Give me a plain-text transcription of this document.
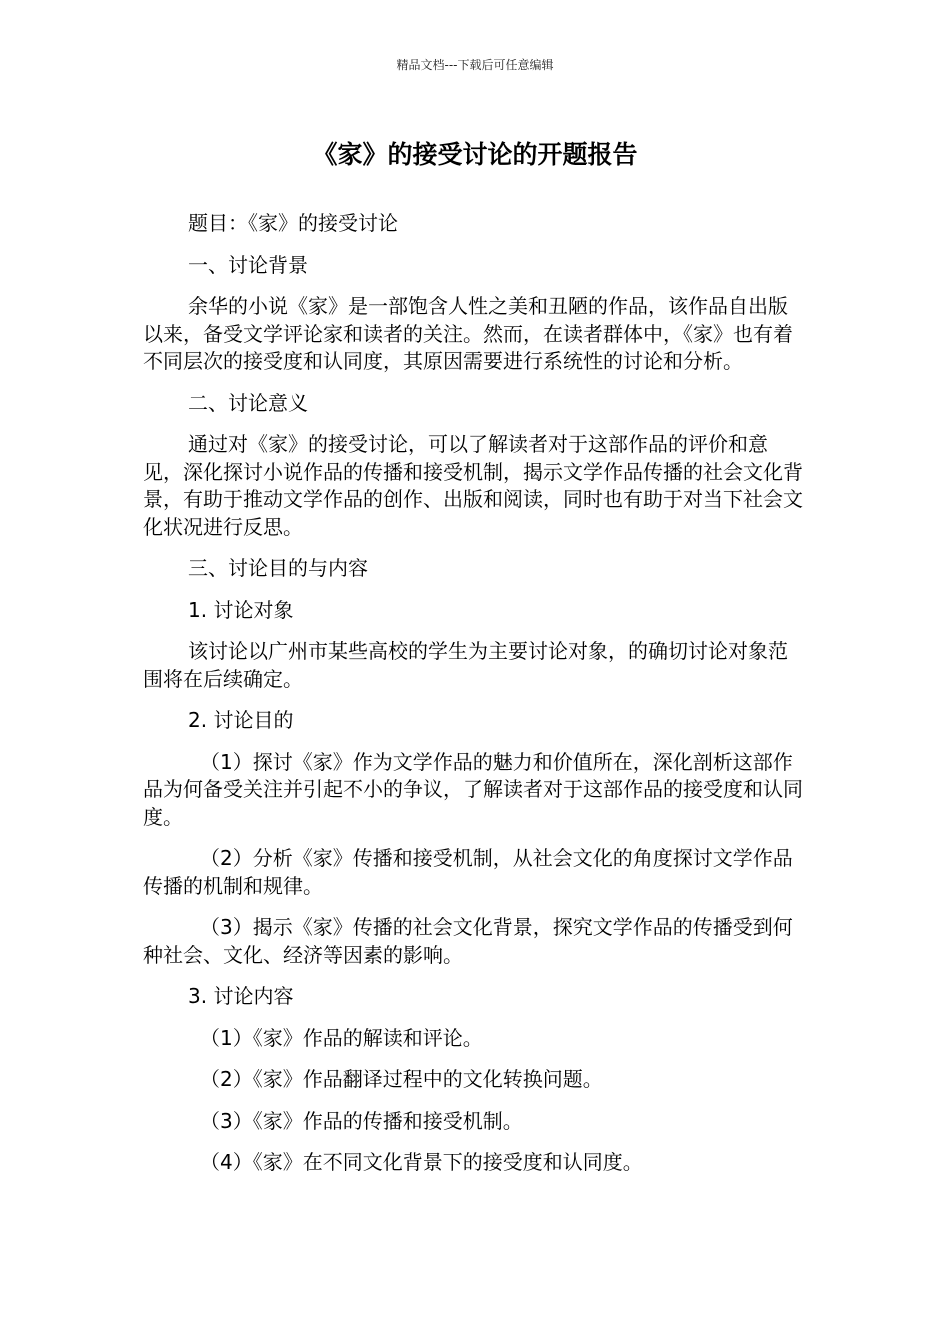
精品文档---下载后可任意编辑
《家》的接受讨论的开题报告

题目：《家》的接受讨论

一、讨论背景

余华的小说《家》是一部饱含人性之美和丑陋的作品，该作品自出版以来，备受文学评论家和读者的关注。然而，在读者群体中，《家》也有着不同层次的接受度和认同度，其原因需要进行系统性的讨论和分析。

二、讨论意义

通过对《家》的接受讨论，可以了解读者对于这部作品的评价和意见，深化探讨小说作品的传播和接受机制，揭示文学作品传播的社会文化背景，有助于推动文学作品的创作、出版和阅读，同时也有助于对当下社会文化状况进行反思。

三、讨论目的与内容

1. 讨论对象

该讨论以广州市某些高校的学生为主要讨论对象，的确切讨论对象范围将在后续确定。

2. 讨论目的

（1）探讨《家》作为文学作品的魅力和价值所在，深化剖析这部作品为何备受关注并引起不小的争议，了解读者对于这部作品的接受度和认同度。

（2）分析《家》传播和接受机制，从社会文化的角度探讨文学作品传播的机制和规律。

（3）揭示《家》传播的社会文化背景，探究文学作品的传播受到何种社会、文化、经济等因素的影响。

3. 讨论内容

（1）《家》作品的解读和评论。

（2）《家》作品翻译过程中的文化转换问题。

（3）《家》作品的传播和接受机制。

（4）《家》在不同文化背景下的接受度和认同度。
